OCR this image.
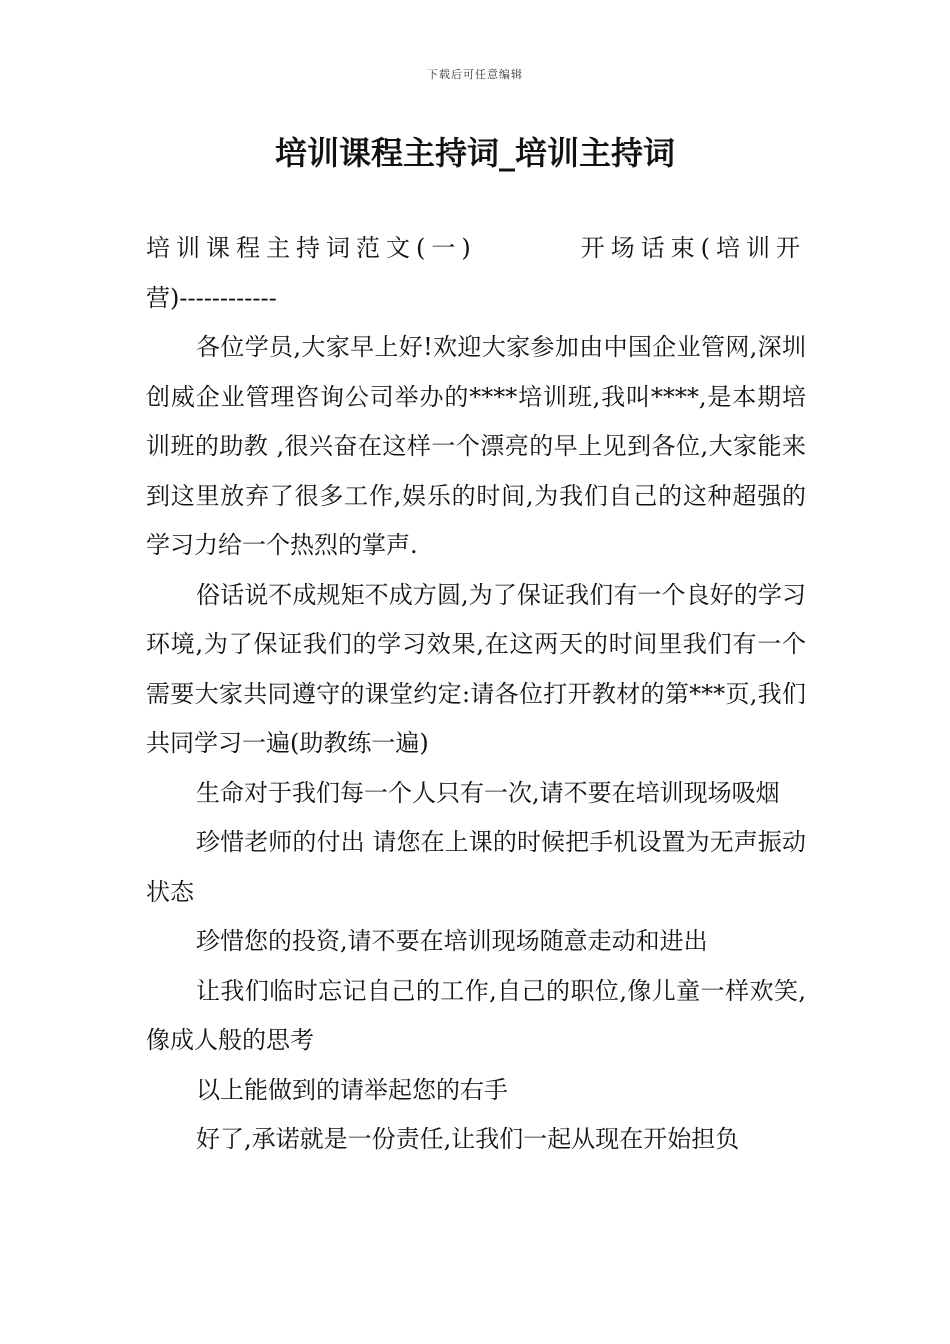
下载后可任意编辑
培训课程主持词_培训主持词

培训课程主持词范文(一)	开场话束(培训开

营)------------

各位学员,大家早上好!欢迎大家参加由中国企业管网,深圳创威企业管理咨询公司举办的****培训班,我叫****,是本期培训班的助教 ,很兴奋在这样一个漂亮的早上见到各位,大家能来到这里放弃了很多工作,娱乐的时间,为我们自己的这种超强的学习力给一个热烈的掌声.

俗话说不成规矩不成方圆,为了保证我们有一个良好的学习环境,为了保证我们的学习效果,在这两天的时间里我们有一个需要大家共同遵守的课堂约定:请各位打开教材的第***页,我们共同学习一遍(助教练一遍)

生命对于我们每一个人只有一次,请不要在培训现场吸烟

珍惜老师的付出 请您在上课的时候把手机设置为无声振动状态

珍惜您的投资,请不要在培训现场随意走动和进出

让我们临时忘记自己的工作,自己的职位,像儿童一样欢笑,像成人般的思考

以上能做到的请举起您的右手

好了,承诺就是一份责任,让我们一起从现在开始担负
